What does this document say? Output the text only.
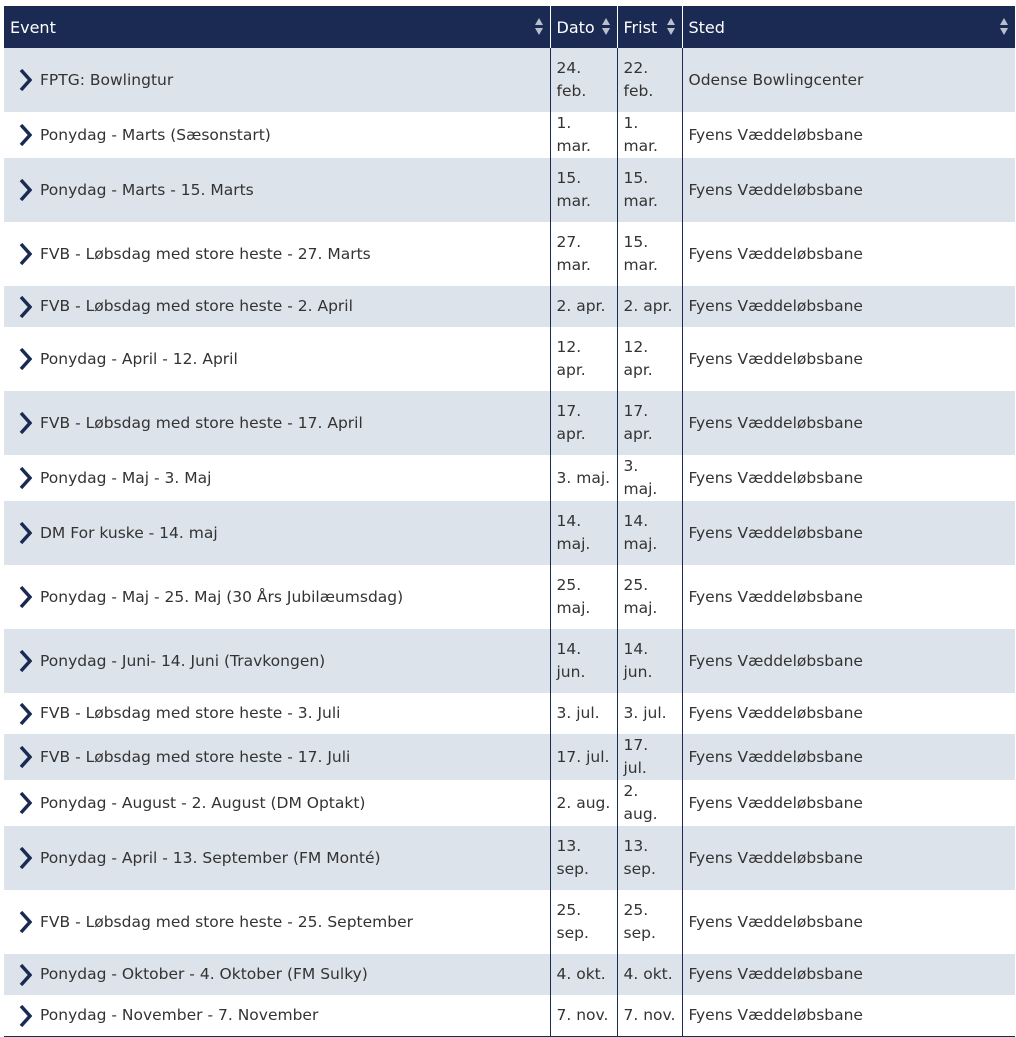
Event	Dato	Frist	Sted

FPTG: Bowlingtur	24. feb.	22. feb.	Odense Bowlingcenter

Ponydag - Marts (Sæsonstart)	1. mar.	1. mar.	Fyens Væddeløbsbane

Ponydag - Marts - 15. Marts	15. mar.	15. mar.	Fyens Væddeløbsbane

FVB - Løbsdag med store heste - 27. Marts	27. mar.	15. mar.	Fyens Væddeløbsbane

FVB - Løbsdag med store heste - 2. April	2. apr.	2. apr.	Fyens Væddeløbsbane

Ponydag - April - 12. April	12. apr.	12. apr.	Fyens Væddeløbsbane

FVB - Løbsdag med store heste - 17. April	17. apr.	17. apr.	Fyens Væddeløbsbane

Ponydag - Maj - 3. Maj	3. maj.	3. maj.	Fyens Væddeløbsbane

DM For kuske - 14. maj	14. maj.	14. maj.	Fyens Væddeløbsbane

Ponydag - Maj - 25. Maj (30 Års Jubilæumsdag)	25. maj.	25. maj.	Fyens Væddeløbsbane

Ponydag - Juni- 14. Juni (Travkongen)	14. jun.	14. jun.	Fyens Væddeløbsbane

FVB - Løbsdag med store heste - 3. Juli	3. jul.	3. jul.	Fyens Væddeløbsbane

FVB - Løbsdag med store heste - 17. Juli	17. jul.	17. jul.	Fyens Væddeløbsbane

Ponydag - August - 2. August (DM Optakt)	2. aug.	2. aug.	Fyens Væddeløbsbane

Ponydag - April - 13. September (FM Monté)	13. sep.	13. sep.	Fyens Væddeløbsbane

FVB - Løbsdag med store heste - 25. September	25. sep.	25. sep.	Fyens Væddeløbsbane

Ponydag - Oktober - 4. Oktober (FM Sulky)	4. okt.	4. okt.	Fyens Væddeløbsbane

Ponydag - November - 7. November	7. nov.	7. nov.	Fyens Væddeløbsbane
